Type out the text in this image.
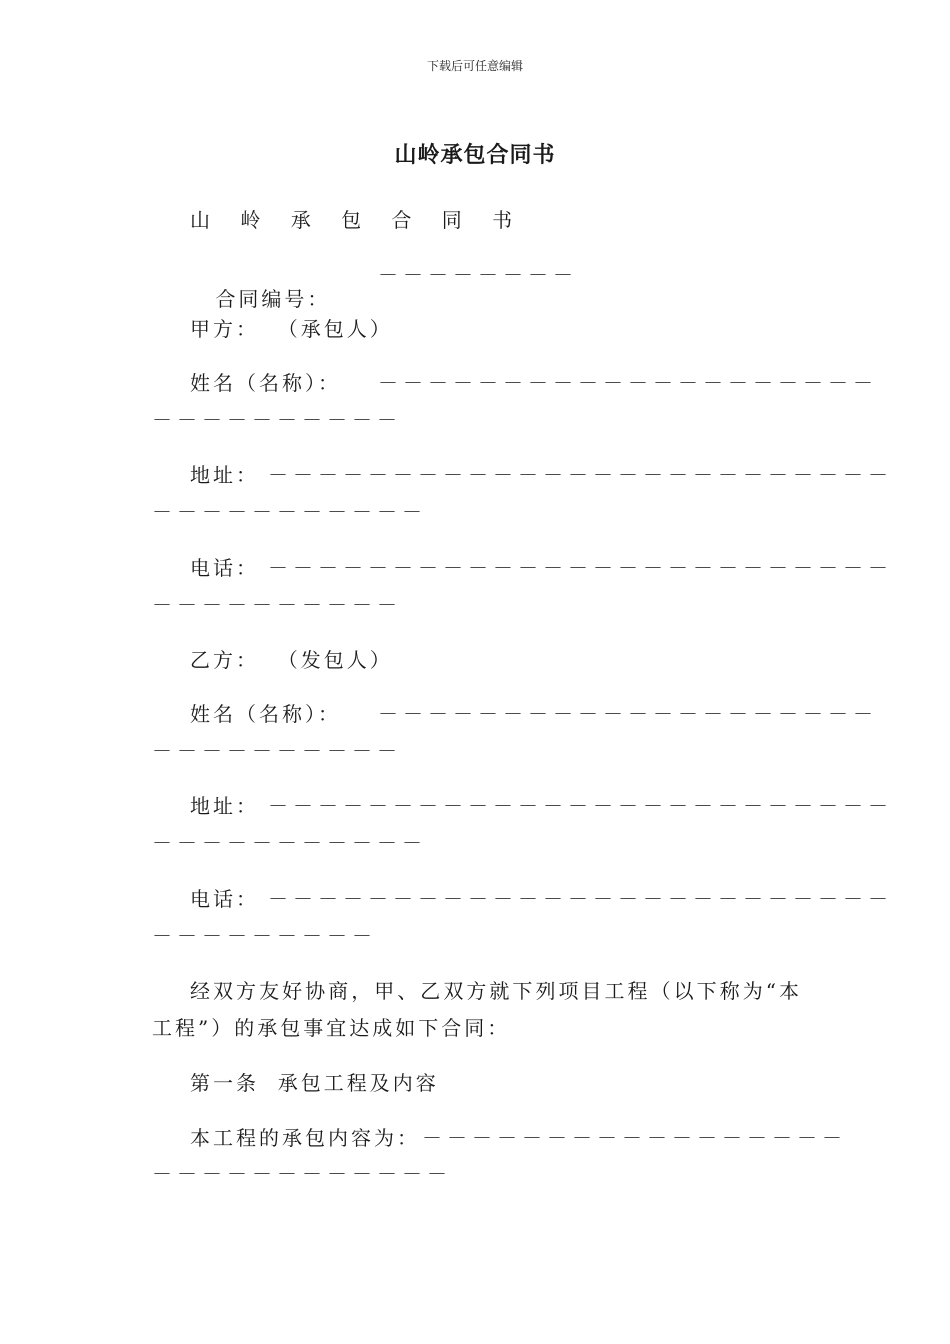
下载后可任意编辑
山岭承包合同书
山 岭 承 包 合 同 书

合同编号：

－－－－－－－－
甲方：  （承包人）
姓名（名称）： －－－－－－－－－－－－－－－－－－－－
－－－－－－－－－－
地址： －－－－－－－－－－－－－－－－－－－－－－－－－
－－－－－－－－－－－
电话： －－－－－－－－－－－－－－－－－－－－－－－－－
－－－－－－－－－－
乙方：  （发包人）
姓名（名称）： －－－－－－－－－－－－－－－－－－－－
－－－－－－－－－－
地址： －－－－－－－－－－－－－－－－－－－－－－－－－
－－－－－－－－－－－
电话： －－－－－－－－－－－－－－－－－－－－－－－－－
－－－－－－－－－
经双方友好协商，甲、乙双方就下列项目工程（以下称为“本工程”）的承包事宜达成如下合同：
第一条  承包工程及内容
本工程的承包内容为： －－－－－－－－－－－－－－－－－
－－－－－－－－－－－－
